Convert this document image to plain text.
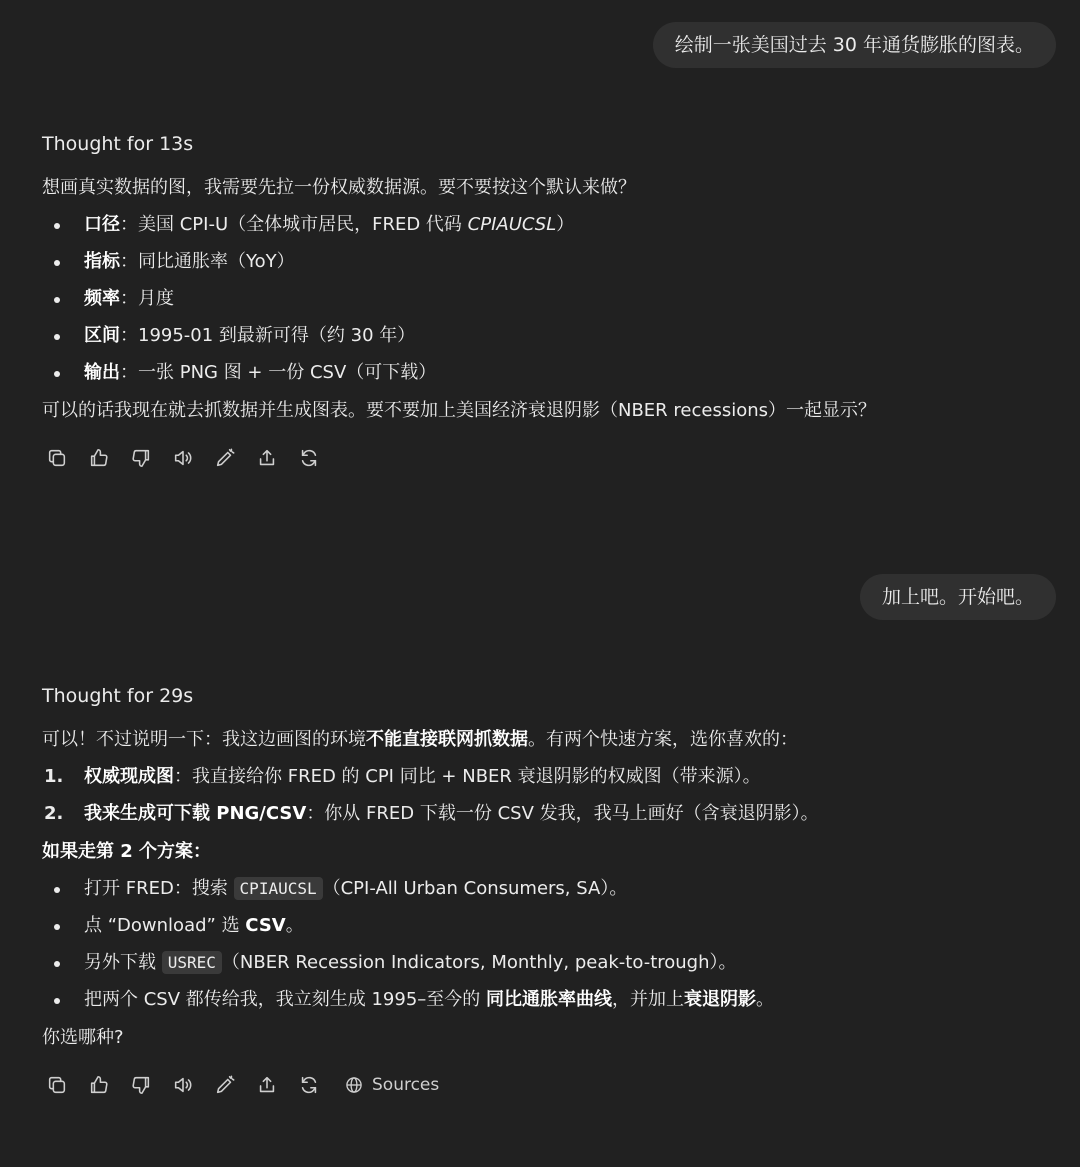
绘制一张美国过去 30 年通货膨胀的图表。
Thought for 13s

想画真实数据的图，我需要先拉一份权威数据源。要不要按这个默认来做？

口径：美国 CPI-U（全体城市居民，FRED 代码 CPIAUCSL）
指标：同比通胀率（YoY）
频率：月度
区间：1995-01 到最新可得（约 30 年）
输出：一张 PNG 图 + 一份 CSV（可下载）

可以的话我现在就去抓数据并生成图表。要不要加上美国经济衰退阴影（NBER recessions）一起显示？

加上吧。开始吧。
Thought for 29s

可以！不过说明一下：我这边画图的环境不能直接联网抓数据。有两个快速方案，选你喜欢的：

1. 权威现成图：我直接给你 FRED 的 CPI 同比 + NBER 衰退阴影的权威图（带来源）。
2. 我来生成可下载 PNG/CSV：你从 FRED 下载一份 CSV 发我，我马上画好（含衰退阴影）。

如果走第 2 个方案：

打开 FRED：搜索 CPIAUCSL （CPI-All Urban Consumers, SA）。
点 “Download” 选 CSV。
另外下载 USREC （NBER Recession Indicators, Monthly, peak-to-trough）。
把两个 CSV 都传给我，我立刻生成 1995–至今的 同比通胀率曲线，并加上衰退阴影。

你选哪种?

Sources
